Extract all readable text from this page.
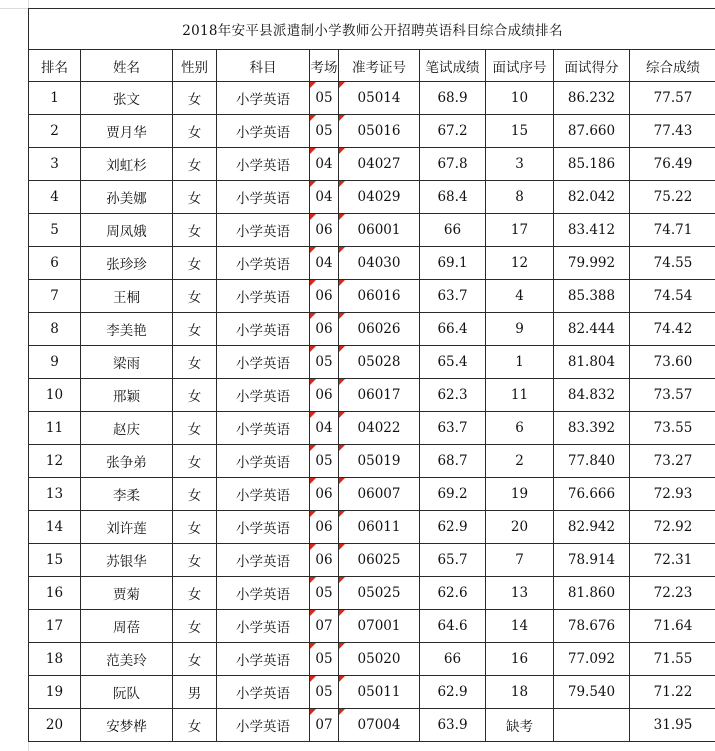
2018年安平县派遣制小学教师公开招聘英语科目综合成绩排名									
排名	姓名	性别	科目	考场	准考证号	笔试成绩	面试序号	面试得分	综合成绩
1	张文	女	小学英语	05	05014	68.9	10	86.232	77.57
2	贾月华	女	小学英语	05	05016	67.2	15	87.660	77.43
3	刘虹杉	女	小学英语	04	04027	67.8	3	85.186	76.49
4	孙美娜	女	小学英语	04	04029	68.4	8	82.042	75.22
5	周凤娥	女	小学英语	06	06001	66	17	83.412	74.71
6	张珍珍	女	小学英语	04	04030	69.1	12	79.992	74.55
7	王桐	女	小学英语	06	06016	63.7	4	85.388	74.54
8	李美艳	女	小学英语	06	06026	66.4	9	82.444	74.42
9	梁雨	女	小学英语	05	05028	65.4	1	81.804	73.60
10	邢颖	女	小学英语	06	06017	62.3	11	84.832	73.57
11	赵庆	女	小学英语	04	04022	63.7	6	83.392	73.55
12	张争弟	女	小学英语	05	05019	68.7	2	77.840	73.27
13	李柔	女	小学英语	06	06007	69.2	19	76.666	72.93
14	刘许莲	女	小学英语	06	06011	62.9	20	82.942	72.92
15	苏银华	女	小学英语	06	06025	65.7	7	78.914	72.31
16	贾菊	女	小学英语	05	05025	62.6	13	81.860	72.23
17	周蓓	女	小学英语	07	07001	64.6	14	78.676	71.64
18	范美玲	女	小学英语	05	05020	66	16	77.092	71.55
19	阮队	男	小学英语	05	05011	62.9	18	79.540	71.22
20	安梦桦	女	小学英语	07	07004	63.9	缺考		31.95
